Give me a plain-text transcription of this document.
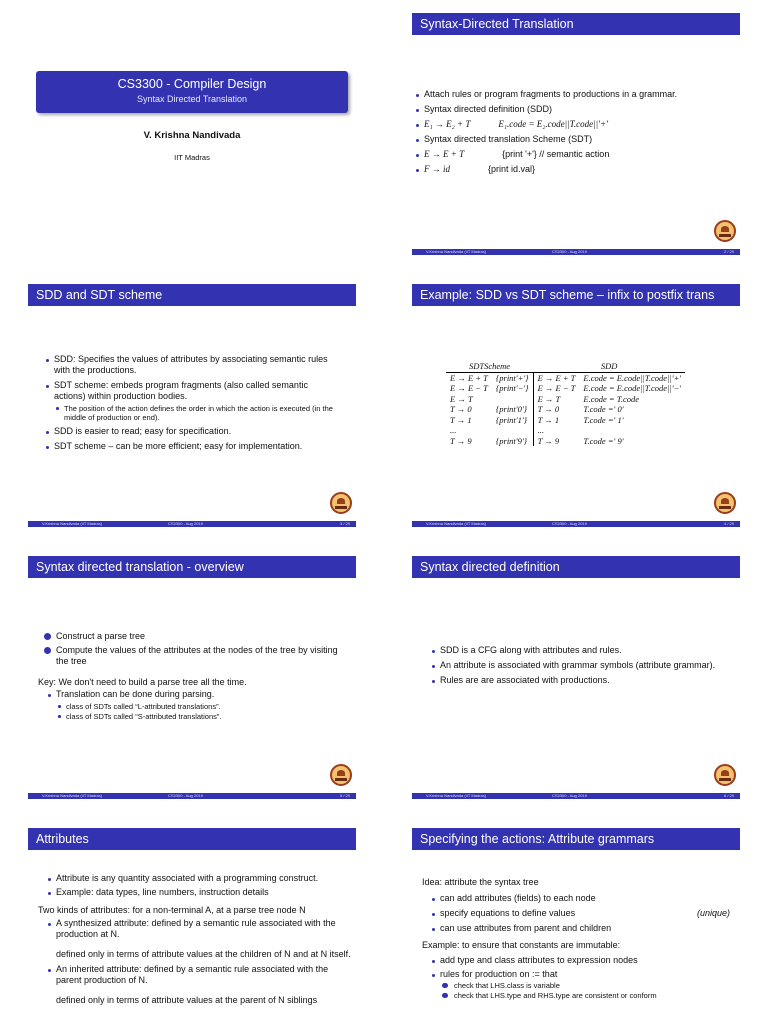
CS3300 - Compiler Design
Syntax Directed Translation
V. Krishna Nandivada
IIT Madras
Syntax-Directed Translation
Attach rules or program fragments to productions in a grammar.
Syntax directed definition (SDD)
E₁ → E₂ + T	E₁.code = E₂.code||T.code||'+'
Syntax directed translation Scheme (SDT)
E → E + T	{print '+'} // semantic action
F → id	{print id.val}
V.Krishna Nandivada (IIT Madras)	CS3300 - Aug 2019	2 / 29
SDD and SDT scheme
SDD: Specifies the values of attributes by associating semantic rules with the productions.
SDT scheme: embeds program fragments (also called semantic actions) within production bodies.
The position of the action defines the order in which the action is executed (in the middle of production or end).
SDD is easier to read; easy for specification.
SDT scheme – can be more efficient; easy for implementation.
V.Krishna Nandivada (IIT Madras)	CS3300 - Aug 2019	3 / 29
Example: SDD vs SDT scheme – infix to postfix trans
V.Krishna Nandivada (IIT Madras)	CS3300 - Aug 2019	4 / 29
SDTScheme		SDD	
E → E + T	{print'+'}	E → E + T	E.code = E.code||T.code||'+'
E → E − T	{print'−'}	E → E − T	E.code = E.code||T.code||'−'
E → T		E → T	E.code = T.code
T → 0	{print'0'}	T → 0	T.code =' 0'
T → 1	{print'1'}	T → 1	T.code =' 1'
...		...	
T → 9	{print'9'}	T → 9	T.code =' 9'
Syntax directed translation - overview
Construct a parse tree
Compute the values of the attributes at the nodes of the tree by visiting the tree
Key: We don't need to build a parse tree all the time.
Translation can be done during parsing.
class of SDTs called “L-attributed translations”.
class of SDTs called “S-attributed translations”.
V.Krishna Nandivada (IIT Madras)	CS3300 - Aug 2019	5 / 29
Syntax directed definition
SDD is a CFG along with attributes and rules.
An attribute is associated with grammar symbols (attribute grammar).
Rules are are associated with productions.
V.Krishna Nandivada (IIT Madras)	CS3300 - Aug 2019	6 / 29
Attributes
Attribute is any quantity associated with a programming construct.
Example: data types, line numbers, instruction details
Two kinds of attributes: for a non-terminal A, at a parse tree node N
A synthesized attribute: defined by a semantic rule associated with the production at N.
defined only in terms of attribute values at the children of N and at N itself.
An inherited attribute: defined by a semantic rule associated with the parent production of N.
defined only in terms of attribute values at the parent of N siblings
Specifying the actions: Attribute grammars
Idea: attribute the syntax tree
can add attributes (fields) to each node
specify equations to define values	(unique)
can use attributes from parent and children
Example: to ensure that constants are immutable:
add type and class attributes to expression nodes
rules for production on := that
check that LHS.class is variable
check that LHS.type and RHS.type are consistent or conform
